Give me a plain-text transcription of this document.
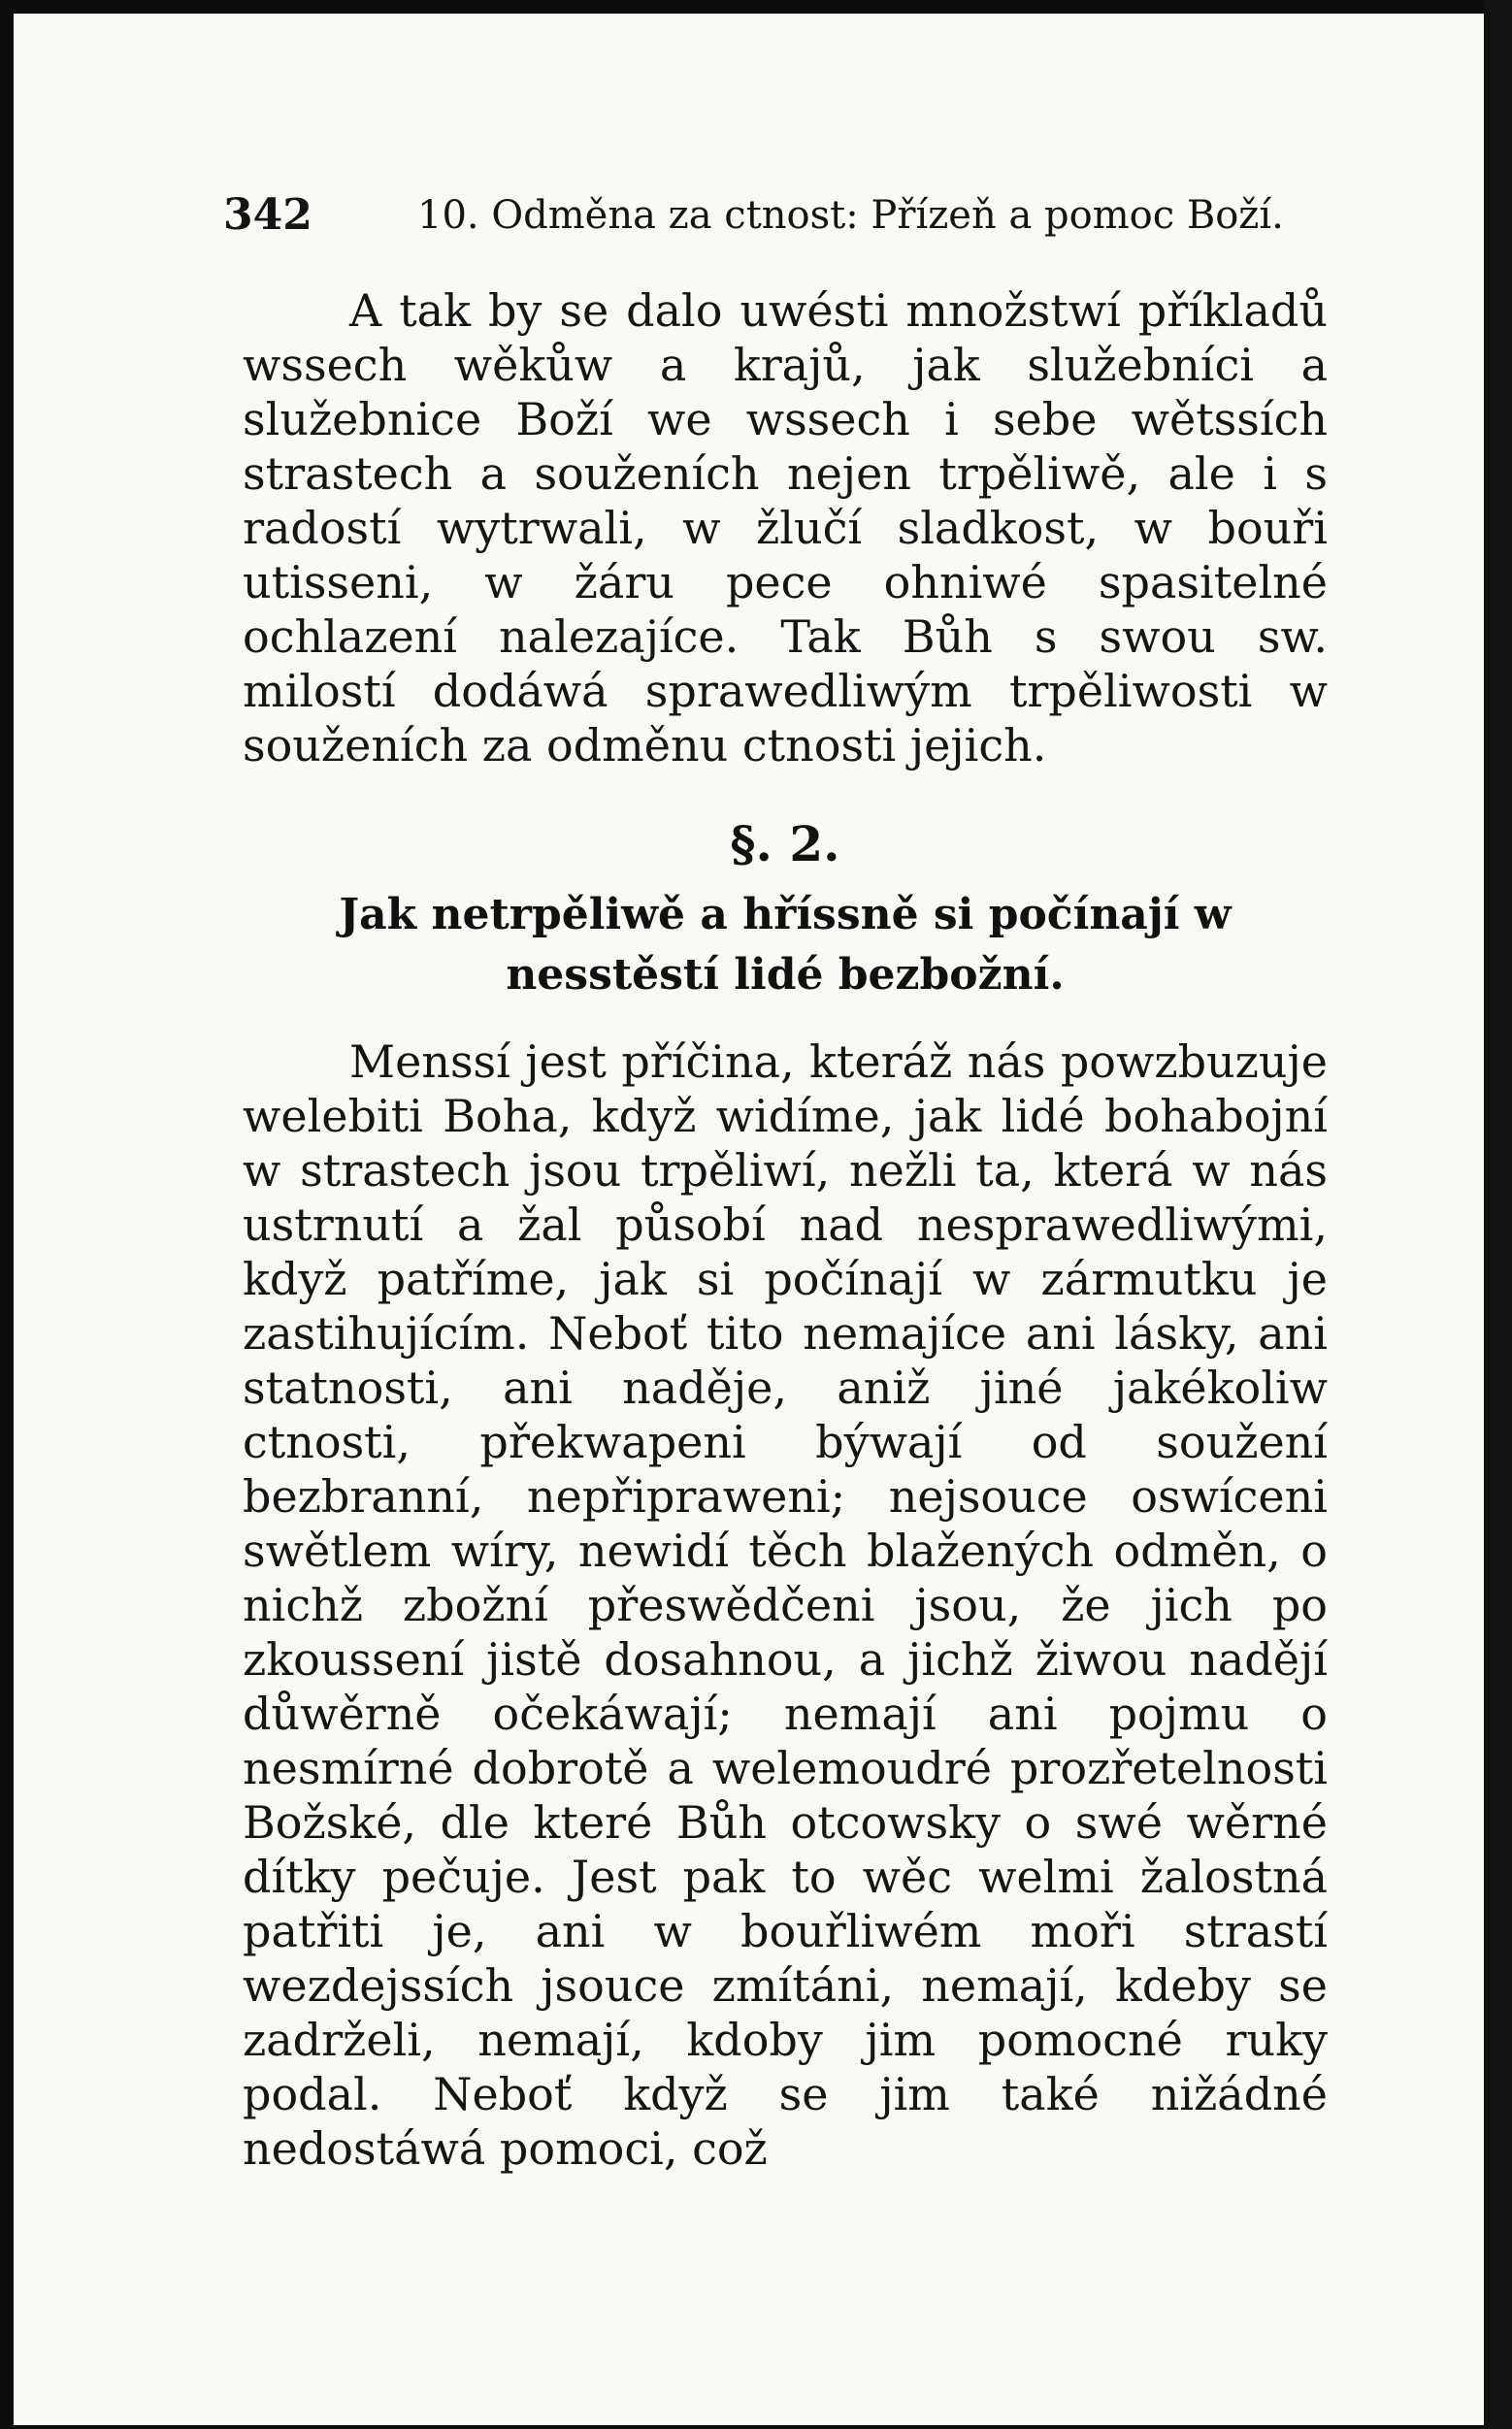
342	10. Odměna za ctnost: Přízeň a pomoc Boží.

A tak by se dalo uwésti množstwí příkladů wssech wěkůw a krajů, jak služebníci a služebnice Boží we wssech i sebe wětssích strastech a souženích nejen trpěliwě, ale i s radostí wytrwali, w žlučí sladkost, w bouři utisseni, w žáru pece ohniwé spasitelné ochlazení nalezajíce. Tak Bůh s swou sw. milostí dodáwá sprawedliwým trpěliwosti w souženích za odměnu ctnosti jejich.

§. 2.
Jak netrpěliwě a hříssně si počínají w nesstěstí lidé bezbožní.

Menssí jest příčina, kteráž nás powzbuzuje welebiti Boha, když widíme, jak lidé bohabojní w strastech jsou trpěliwí, nežli ta, která w nás ustrnutí a žal působí nad nesprawedliwými, když patříme, jak si počínají w zármutku je zastihujícím. Neboť tito nemajíce ani lásky, ani statnosti, ani naděje, aniž jiné jakékoliw ctnosti, překwapeni býwají od soužení bezbranní, nepřipraweni; nejsouce oswíceni swětlem wíry, newidí těch blažených odměn, o nichž zbožní přeswědčeni jsou, že jich po zkoussení jistě dosahnou, a jichž žiwou nadějí důwěrně očekáwají; nemají ani pojmu o nesmírné dobrotě a welemoudré prozřetelnosti Božské, dle které Bůh otcowsky o swé wěrné dítky pečuje. Jest pak to wěc welmi žalostná patřiti je, ani w bouřliwém moři strastí wezdejssích jsouce zmítáni, nemají, kdeby se zadrželi, nemají, kdoby jim pomocné ruky podal. Neboť když se jim také nižádné nedostáwá pomoci, což
